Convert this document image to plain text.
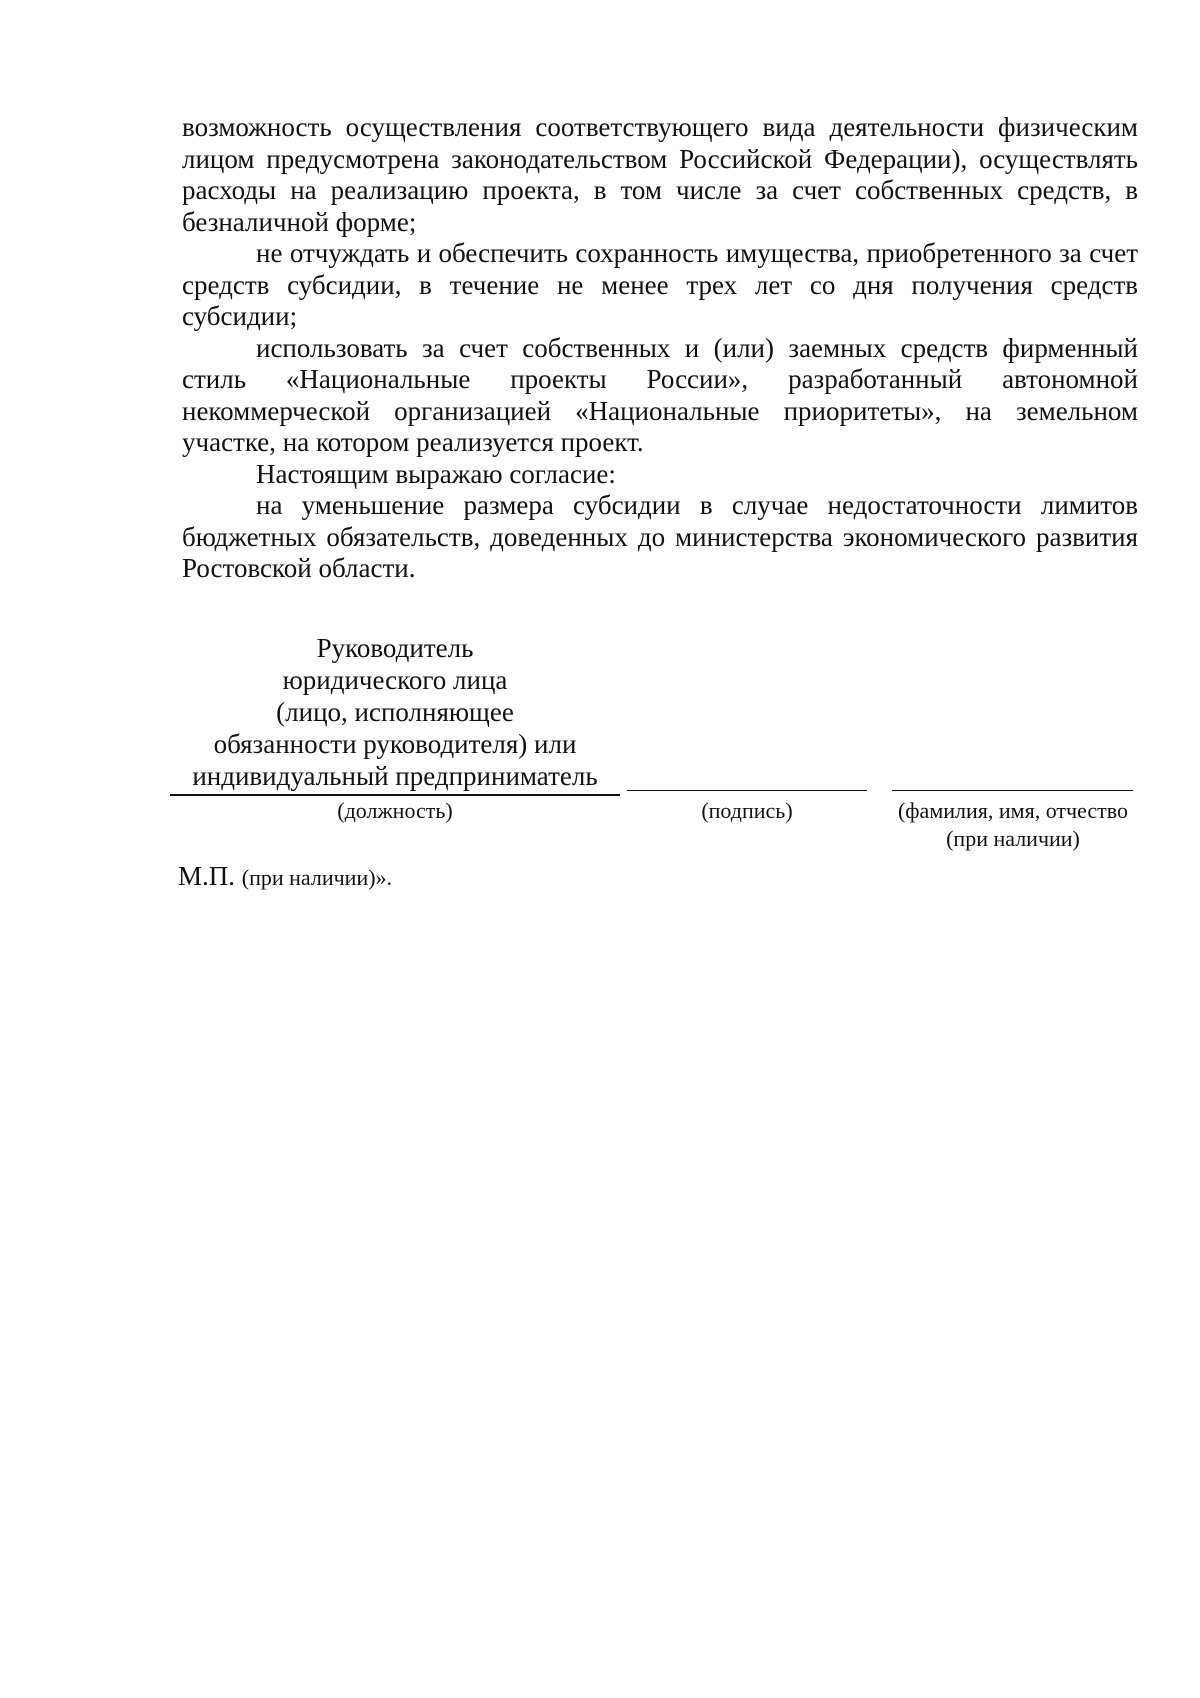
возможность осуществления соответствующего вида деятельности физическим лицом предусмотрена законодательством Российской Федерации), осуществлять расходы на реализацию проекта, в том числе за счет собственных средств, в безналичной форме;

не отчуждать и обеспечить сохранность имущества, приобретенного за счет средств субсидии, в течение не менее трех лет со дня получения средств субсидии;

использовать за счет собственных и (или) заемных средств фирменный стиль «Национальные проекты России», разработанный автономной некоммерческой организацией «Национальные приоритеты», на земельном участке, на котором реализуется проект.

Настоящим выражаю согласие:

на уменьшение размера субсидии в случае недостаточности лимитов бюджетных обязательств, доведенных до министерства экономического развития Ростовской области.

Руководитель
юридического лица
(лицо, исполняющее
обязанности руководителя) или
индивидуальный предприниматель
(должность)	(подпись)	(фамилия, имя, отчество
(при наличии)
М.П. (при наличии)».
